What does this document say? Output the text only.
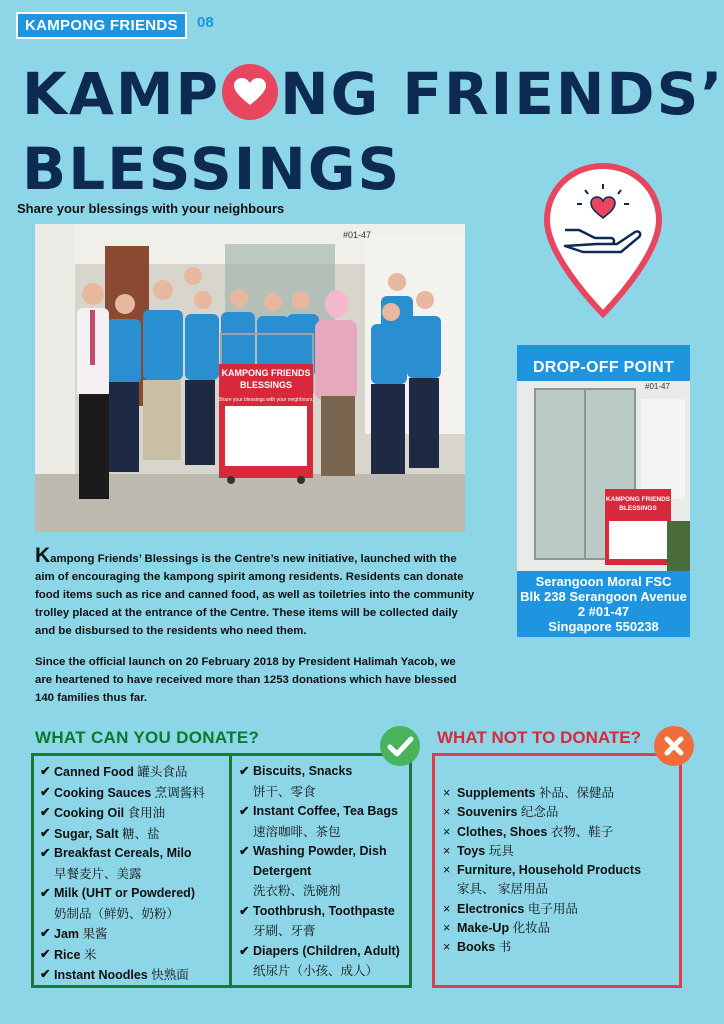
KAMPONG FRIENDS	08
KAMP NG FRIENDS’
BLESSINGS
Share your blessings with your neighbours
#01-47
KAMPONG FRIENDS
BLESSINGS
Share your blessings with your neighbours.
DROP-OFF POINT
#01-47
KAMPONG FRIENDS
BLESSINGS
Serangoon Moral FSC
Blk 238 Serangoon Avenue
2 #01-47
Singapore 550238
Kampong Friends’ Blessings is the Centre’s new initiative, launched with the aim of encouraging the kampong spirit among residents. Residents can donate food items such as rice and canned food, as well as toiletries into the community trolley placed at the entrance of the Centre. These items will be collected daily and be disbursed to the residents who need them.
Since the official launch on 20 February 2018 by President Halimah Yacob, we are heartened to have received more than 1253 donations which have blessed 140 families thus far.
WHAT CAN YOU DONATE?
✔ Canned Food 罐头食品
✔ Cooking Sauces 烹调酱料
✔ Cooking Oil 食用油
✔ Sugar, Salt 糖、盐
✔ Breakfast Cereals, Milo
早餐麦片、美露
✔ Milk (UHT or Powdered)
奶制品（鲜奶、奶粉）
✔ Jam 果酱
✔ Rice 米
✔ Instant Noodles 快熟面
✔ Biscuits, Snacks
饼干、零食
✔ Instant Coffee, Tea Bags
速溶咖啡、茶包
✔ Washing Powder, Dish Detergent
洗衣粉、洗碗剂
✔ Toothbrush, Toothpaste
牙刷、牙膏
✔ Diapers (Children, Adult)
纸尿片（小孩、成人）
WHAT NOT TO DONATE?
× Supplements 补品、保健品
× Souvenirs 纪念品
× Clothes, Shoes 衣物、鞋子
× Toys 玩具
× Furniture, Household Products
家具、 家居用品
× Electronics 电子用品
× Make-Up 化妆品
× Books 书
